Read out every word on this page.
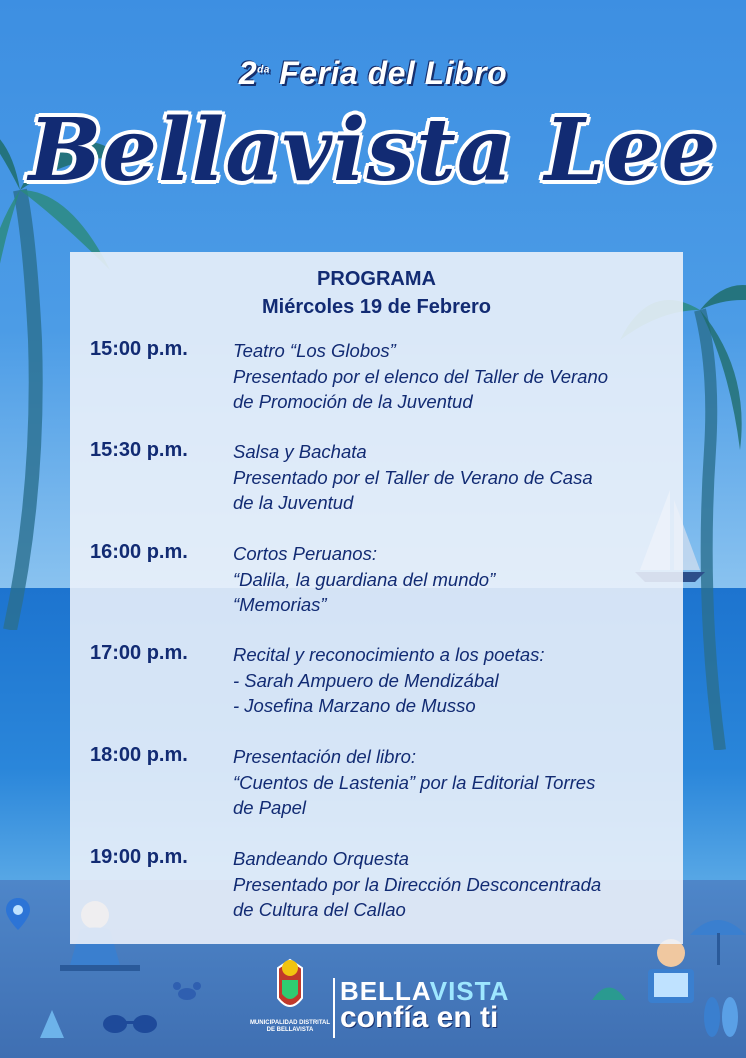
$2^{da}$ Feria del Libro
Bellavista Lee
PROGRAMA
Miércoles 19 de Febrero
15:00 p.m. Teatro “Los Globos”
Presentado por el elenco del Taller de Verano
de Promoción de la Juventud
15:30 p.m. Salsa y Bachata
Presentado por el Taller de Verano de Casa
de la Juventud
16:00 p.m. Cortos Peruanos:
“Dalila, la guardiana del mundo”
“Memorias”
17:00 p.m. Recital y reconocimiento a los poetas:
- Sarah Ampuero de Mendizábal
- Josefina Marzano de Musso
18:00 p.m. Presentación del libro:
“Cuentos de Lastenia” por la Editorial Torres
de Papel
19:00 p.m. Bandeando Orquesta
Presentado por la Dirección Desconcentrada
de Cultura del Callao
MUNICIPALIDAD DISTRITAL
DE BELLAVISTA
BELLAVISTA
confía en ti
